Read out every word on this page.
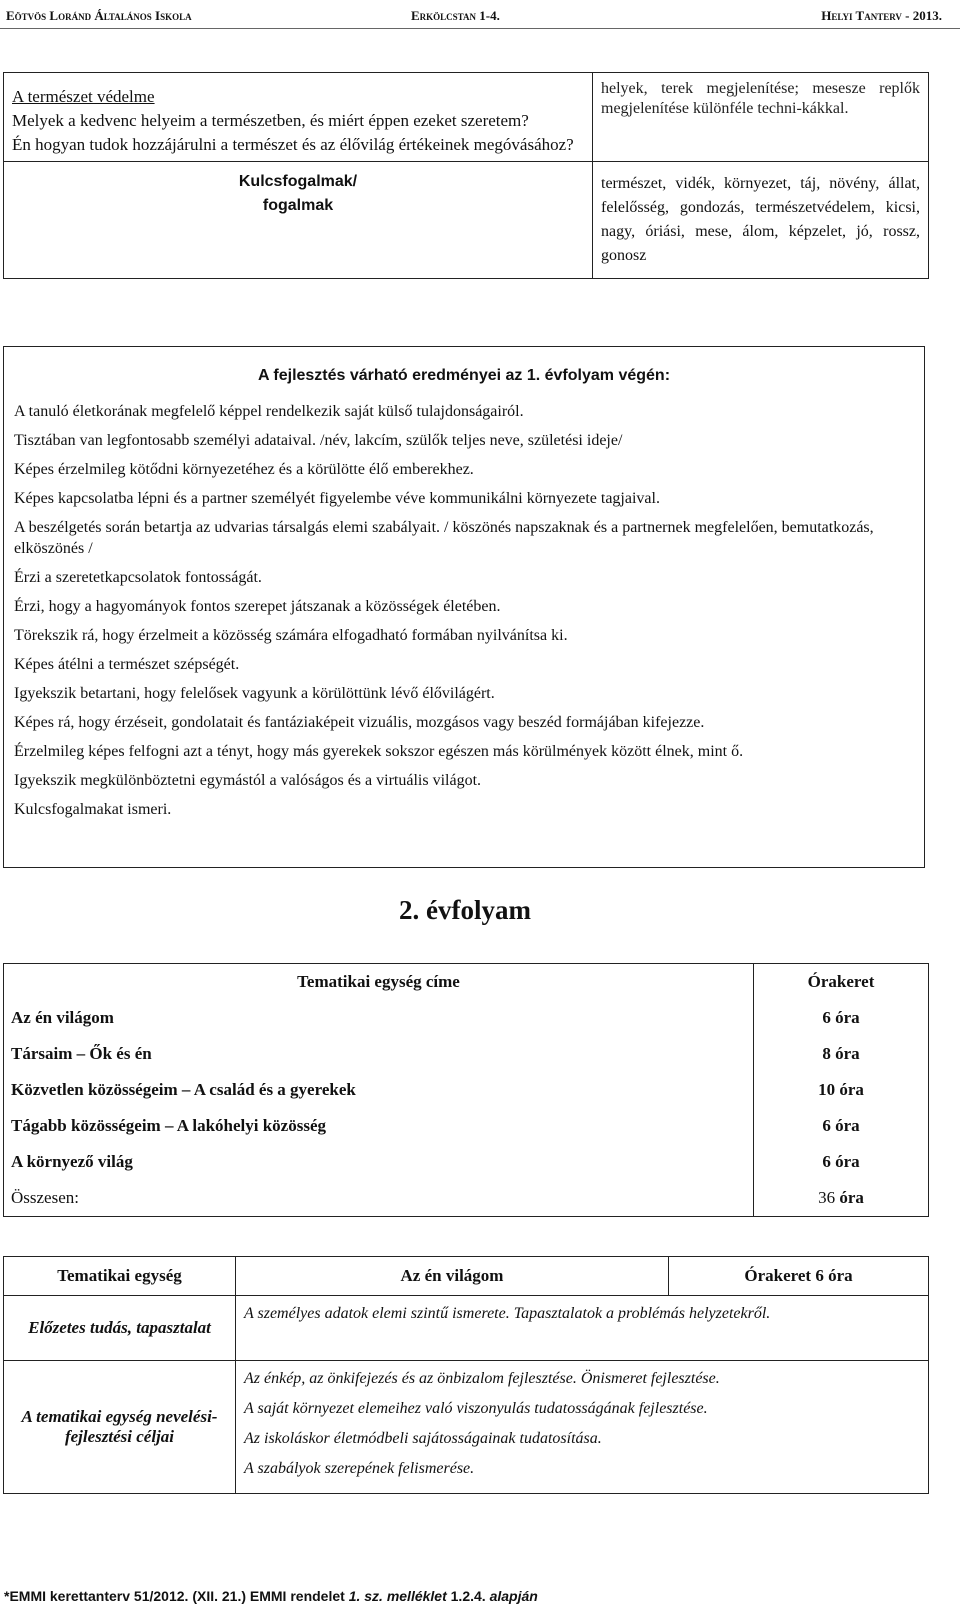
Eötvös Loránd Általános Iskola	Erkölcstan 1-4.	Helyi Tanterv - 2013.
A természet védelme
Melyek a kedvenc helyeim a természetben, és miért éppen ezeket szeretem?
Én hogyan tudok hozzájárulni a természet és az élővilág értékeinek megóvásához?	helyek, terek megjelenítése; mesesze replők megjelenítése különféle techni-kákkal.

Kulcsfogalmak/
fogalmak	természet, vidék, környezet, táj, növény, állat, felelősség, gondozás, természetvédelem, kicsi, nagy, óriási, mese, álom, képzelet, jó, rossz, gonosz
A fejlesztés várható eredményei az 1. évfolyam végén:
A tanuló életkorának megfelelő képpel rendelkezik saját külső tulajdonságairól.
Tisztában van legfontosabb személyi adataival. /név, lakcím, szülők teljes neve, születési ideje/
Képes érzelmileg kötődni környezetéhez és a körülötte élő emberekhez.
Képes kapcsolatba lépni és a partner személyét figyelembe véve kommunikálni környezete tagjaival.
A beszélgetés során betartja az udvarias társalgás elemi szabályait. / köszönés napszaknak és a partnernek megfelelően, bemutatkozás, elköszönés /
Érzi a szeretetkapcsolatok fontosságát.
Érzi, hogy a hagyományok fontos szerepet játszanak a közösségek életében.
Törekszik rá, hogy érzelmeit a közösség számára elfogadható formában nyilvánítsa ki.
Képes átélni a természet szépségét.
Igyekszik betartani, hogy felelősek vagyunk a körülöttünk lévő élővilágért.
Képes rá, hogy érzéseit, gondolatait és fantáziaképeit vizuális, mozgásos vagy beszéd formájában kifejezze.
Érzelmileg képes felfogni azt a tényt, hogy más gyerekek sokszor egészen más körülmények között élnek, mint ő.
Igyekszik megkülönböztetni egymástól a valóságos és a virtuális világot.
Kulcsfogalmakat ismeri.
2. évfolyam
Tematikai egység címe	Órakeret
Az én világom	6 óra
Társaim – Ők és én	8 óra
Közvetlen közösségeim – A család és a gyerekek	10 óra
Tágabb közösségeim – A lakóhelyi közösség	6 óra
A környező világ	6 óra
Összesen:	36 óra
Tematikai egység	Az én világom	Órakeret 6 óra
Előzetes tudás, tapasztalat	A személyes adatok elemi szintű ismerete. Tapasztalatok a problémás helyzetekről.	
A tematikai egység nevelési-fejlesztési céljai	Az énkép, az önkifejezés és az önbizalom fejlesztése. Önismeret fejlesztése.
A saját környezet elemeihez való viszonyulás tudatosságának fejlesztése.
Az iskoláskor életmódbeli sajátosságainak tudatosítása.
A szabályok szerepének felismerése.	
*EMMI kerettanterv 51/2012. (XII. 21.) EMMI rendelet 1. sz. melléklet 1.2.4. alapján
